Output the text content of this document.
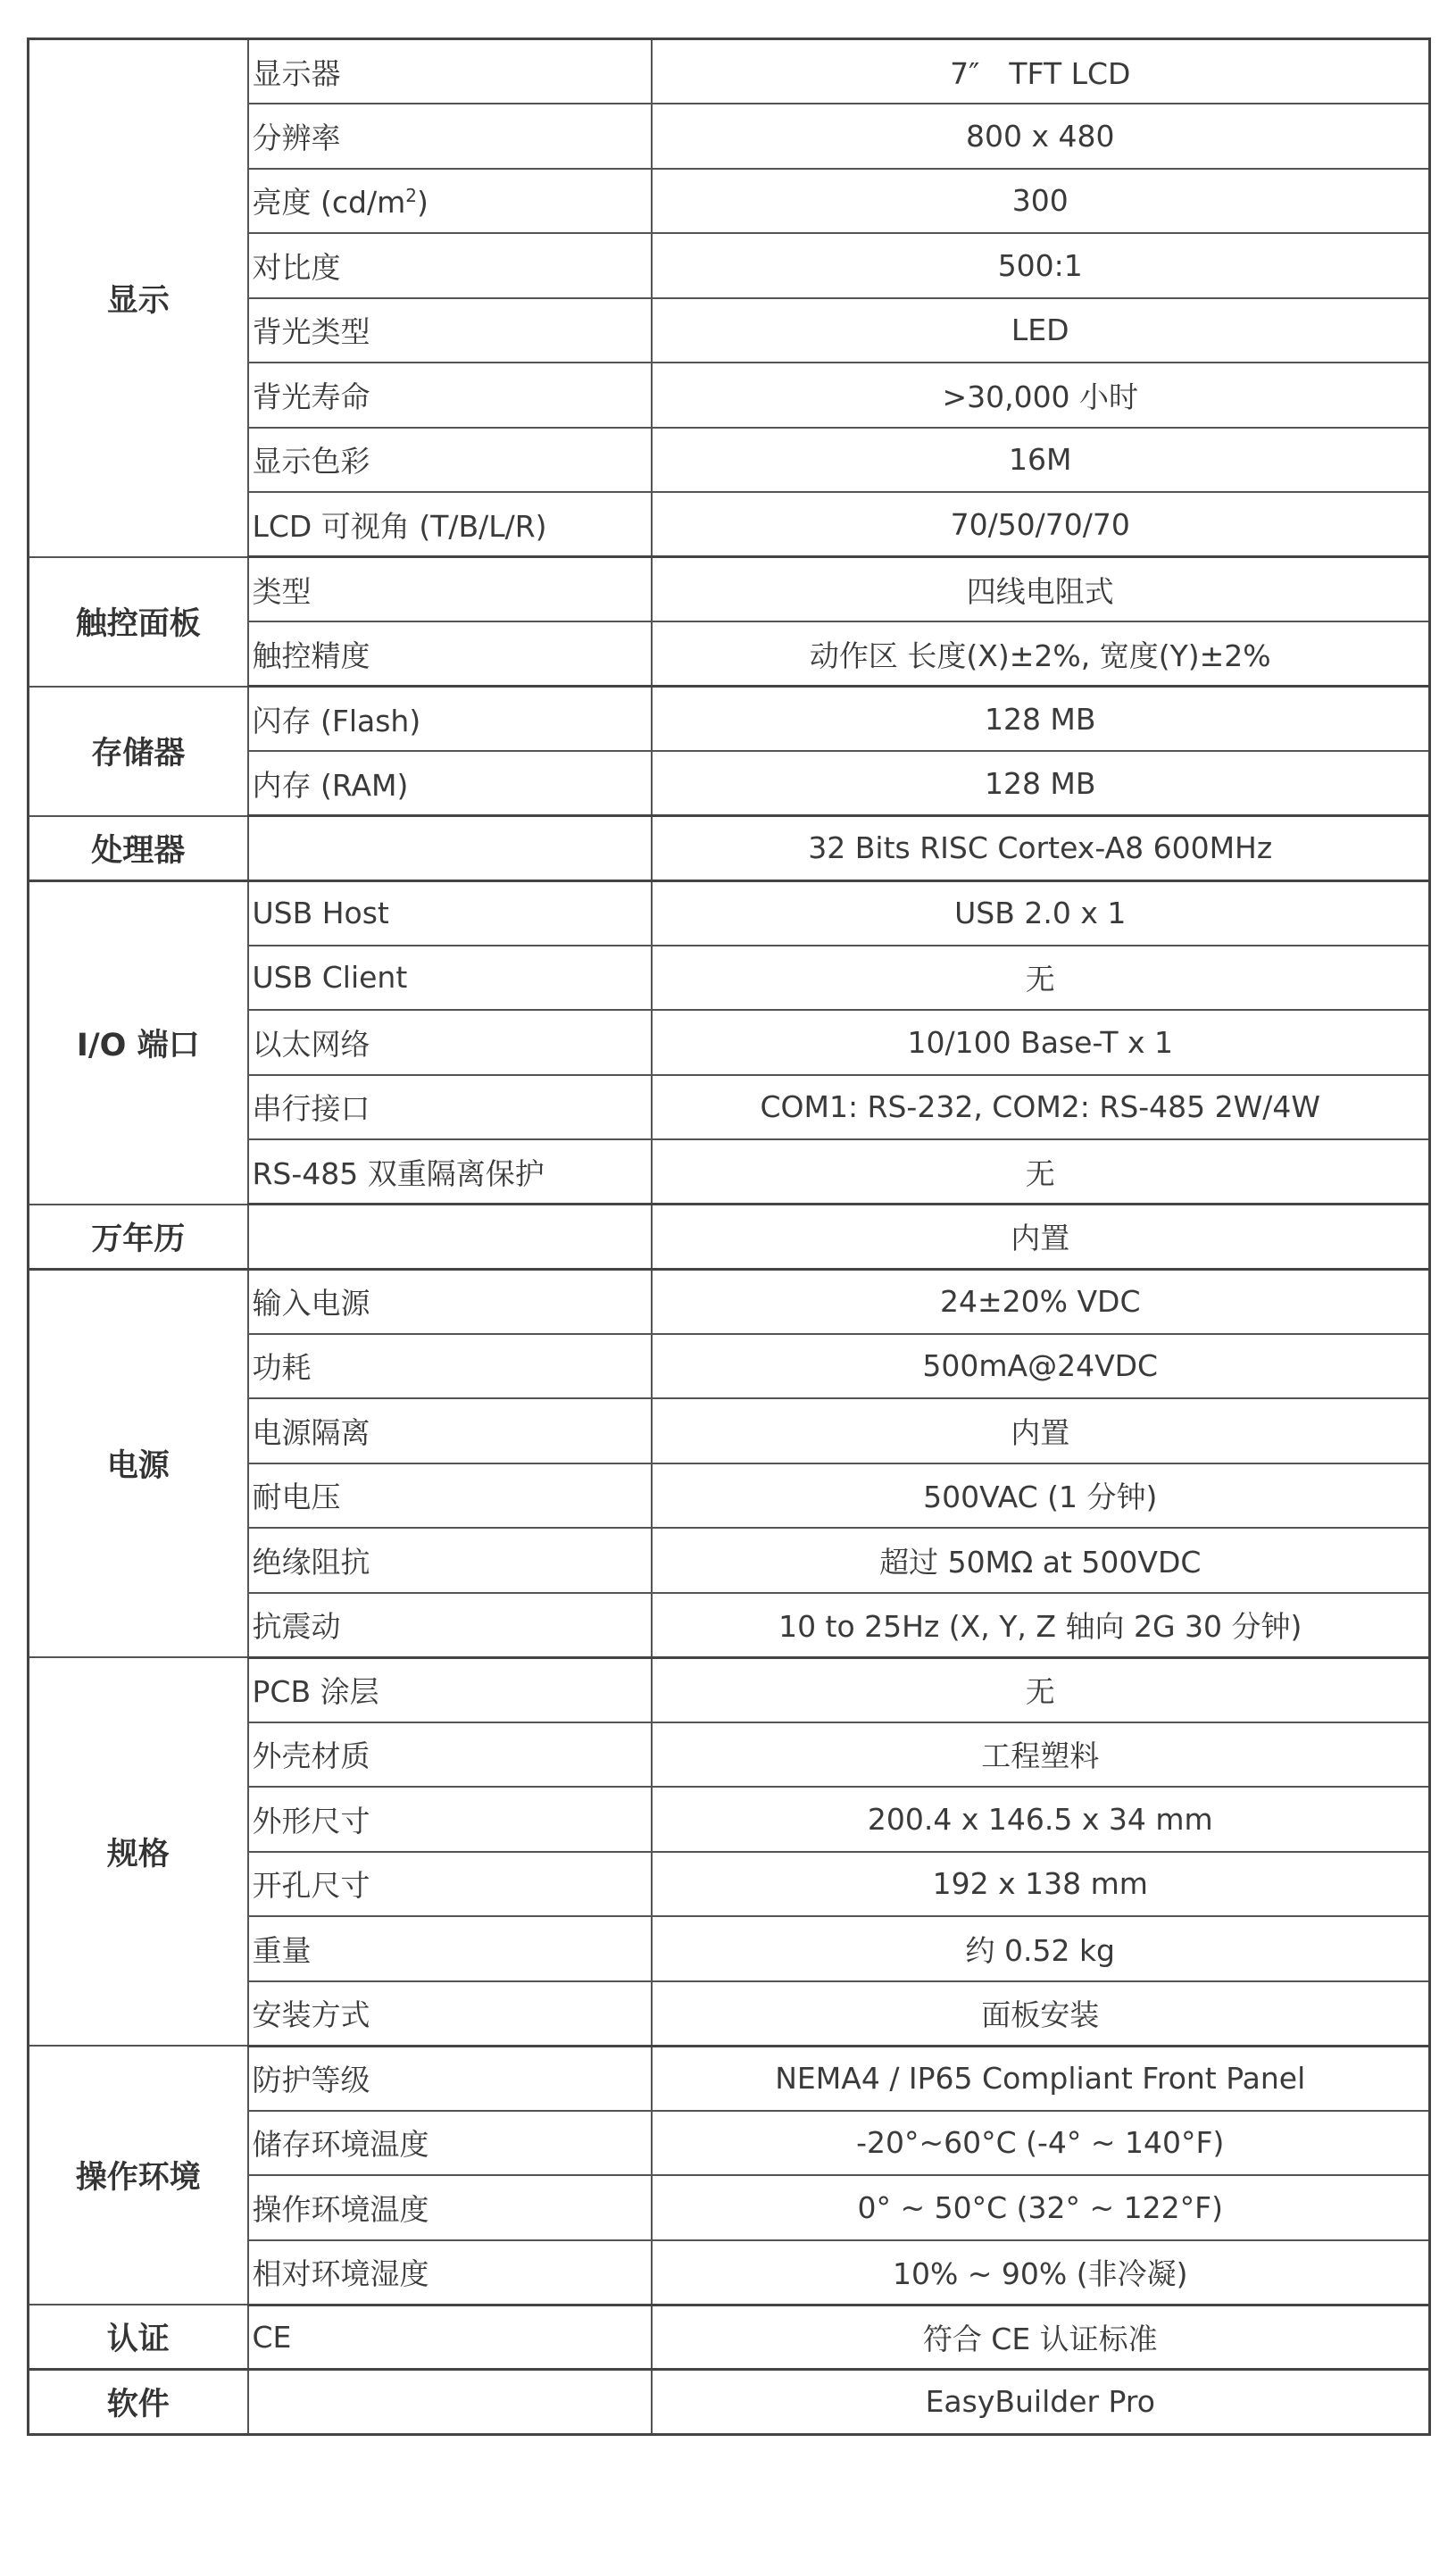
显示	显示器	7″　TFT LCD
	分辨率	800 x 480
	亮度 $(cd/m^2)$	300
	对比度	500:1
	背光类型	LED
	背光寿命	>30,000 小时
	显示色彩	16M
	LCD 可视角 (T/B/L/R)	70/50/70/70
触控面板	类型	四线电阻式
	触控精度	动作区 长度(X)±2%, 宽度(Y)±2%
存储器	闪存 (Flash)	128 MB
	内存 (RAM)	128 MB
处理器		32 Bits RISC Cortex-A8 600MHz
I/O 端口	USB Host	USB 2.0 x 1
	USB Client	无
	以太网络	10/100 Base-T x 1
	串行接口	COM1: RS-232, COM2: RS-485 2W/4W
	RS-485 双重隔离保护	无
万年历		内置
电源	输入电源	24±20% VDC
	功耗	500mA@24VDC
	电源隔离	内置
	耐电压	500VAC (1 分钟)
	绝缘阻抗	超过 50MΩ at 500VDC
	抗震动	10 to 25Hz (X, Y, Z 轴向 2G 30 分钟)
规格	PCB 涂层	无
	外壳材质	工程塑料
	外形尺寸	200.4 x 146.5 x 34 mm
	开孔尺寸	192 x 138 mm
	重量	约 0.52 kg
	安装方式	面板安装
操作环境	防护等级	NEMA4 / IP65 Compliant Front Panel
	储存环境温度	-20°~60°C (-4° ~ 140°F)
	操作环境温度	0° ~ 50°C (32° ~ 122°F)
	相对环境湿度	10% ~ 90% (非冷凝)
认证	CE	符合 CE 认证标准
软件		EasyBuilder Pro
